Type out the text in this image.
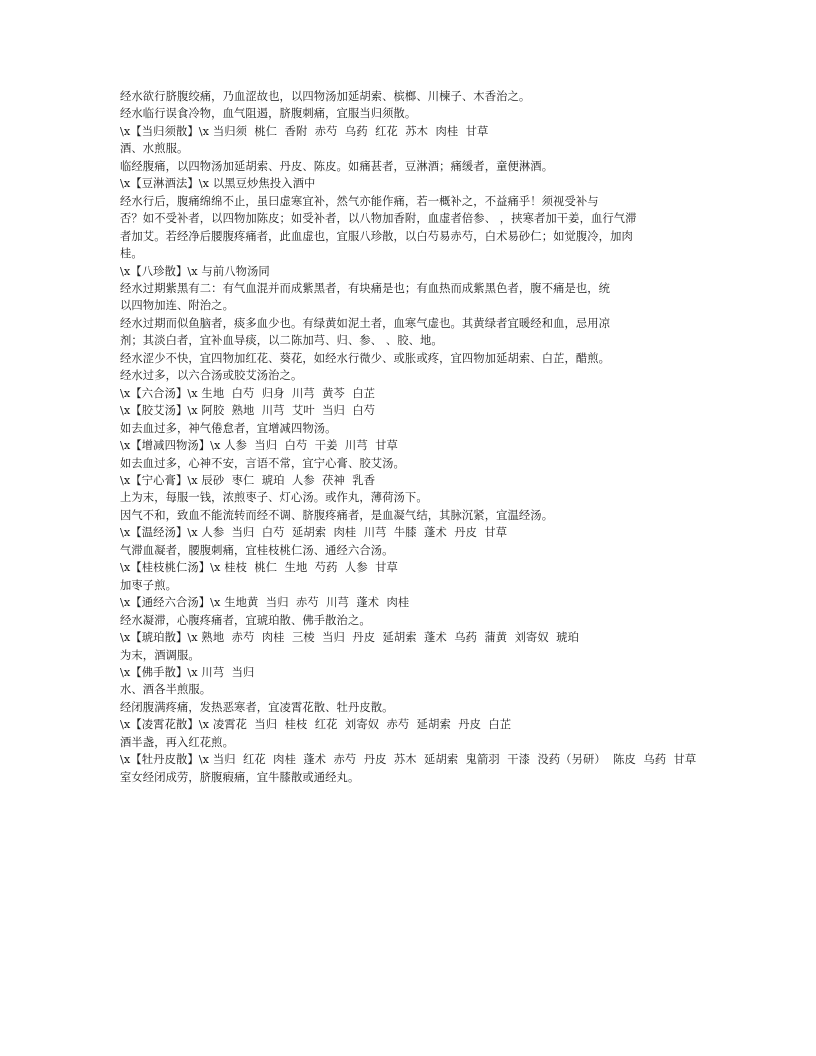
经水欲行脐腹绞痛，乃血涩故也，以四物汤加延胡索、槟榔、川楝子、木香治之。

经水临行误食冷物，血气阻遏，脐腹刺痛，宜服当归须散。

\x【当归须散】\x 当归须  桃仁  香附  赤芍  乌药  红花  苏木  肉桂  甘草

酒、水煎服。

临经腹痛，以四物汤加延胡索、丹皮、陈皮。如痛甚者，豆淋酒；痛缓者，童便淋酒。

\x【豆淋酒法】\x 以黑豆炒焦投入酒中

经水行后，腹痛绵绵不止，虽曰虚寒宜补，然气亦能作痛，若一概补之，不益痛乎！须视受补与

否？如不受补者，以四物加陈皮；如受补者，以八物加香附，血虚者倍参、 ，挟寒者加干姜，血行气滞

者加艾。若经净后腰腹疼痛者，此血虚也，宜服八珍散，以白芍易赤芍，白术易砂仁；如觉腹冷，加肉

桂。

\x【八珍散】\x 与前八物汤同

经水过期紫黑有二：有气血混并而成紫黑者，有块痛是也；有血热而成紫黑色者，腹不痛是也，统

以四物加连、附治之。

经水过期而似鱼脑者，痰多血少也。有绿黄如泥土者，血寒气虚也。其黄绿者宜暖经和血，忌用凉

剂；其淡白者，宜补血导痰，以二陈加芎、归、参、 、胶、地。

经水涩少不快，宜四物加红花、葵花，如经水行微少、或胀或疼，宜四物加延胡索、白芷，醋煎。

经水过多，以六合汤或胶艾汤治之。

\x【六合汤】\x 生地  白芍  归身  川芎  黄芩  白芷

\x【胶艾汤】\x 阿胶  熟地  川芎  艾叶  当归  白芍

如去血过多，神气倦怠者，宜增减四物汤。

\x【增减四物汤】\x 人参  当归  白芍  干姜  川芎  甘草

如去血过多，心神不安，言语不常，宜宁心膏、胶艾汤。

\x【宁心膏】\x 辰砂  枣仁  琥珀  人参  茯神  乳香

上为末，每服一钱，浓煎枣子、灯心汤。或作丸，薄荷汤下。

因气不和，致血不能流转而经不调、脐腹疼痛者，是血凝气结，其脉沉紧，宜温经汤。

\x【温经汤】\x 人参  当归  白芍  延胡索  肉桂  川芎  牛膝  蓬术  丹皮  甘草

气滞血凝者，腰腹刺痛，宜桂枝桃仁汤、通经六合汤。

\x【桂枝桃仁汤】\x 桂枝  桃仁  生地  芍药  人参  甘草

加枣子煎。

\x【通经六合汤】\x 生地黄  当归  赤芍  川芎  蓬术  肉桂

经水凝滞，心腹疼痛者，宜琥珀散、佛手散治之。

\x【琥珀散】\x 熟地  赤芍  肉桂  三棱  当归  丹皮  延胡索  蓬术  乌药  蒲黄  刘寄奴  琥珀

为末，酒调服。

\x【佛手散】\x 川芎  当归

水、酒各半煎服。

经闭腹满疼痛，发热恶寒者，宜凌霄花散、牡丹皮散。

\x【凌霄花散】\x 凌霄花  当归  桂枝  红花  刘寄奴  赤芍  延胡索  丹皮  白芷

酒半盏，再入红花煎。

\x【牡丹皮散】\x 当归  红花  肉桂  蓬术  赤芍  丹皮  苏木  延胡索  鬼箭羽  干漆  没药（另研）  陈皮  乌药  甘草

室女经闭成劳，脐腹瘕痛，宜牛膝散或通经丸。
